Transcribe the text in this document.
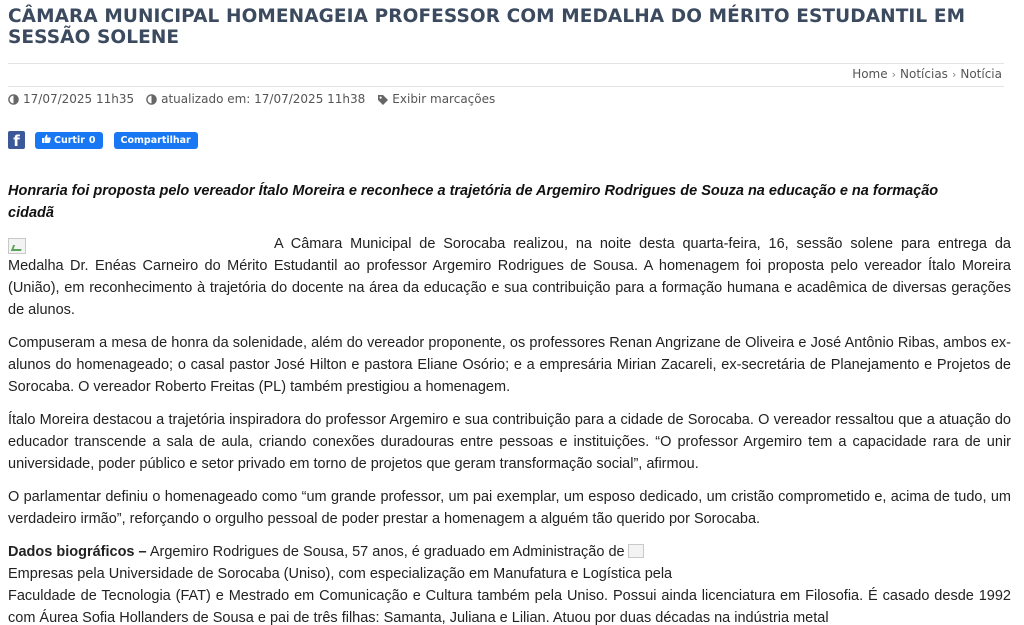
CÂMARA MUNICIPAL HOMENAGEIA PROFESSOR COM MEDALHA DO MÉRITO ESTUDANTIL EM SESSÃO SOLENE
Home › Notícias › Notícia
17/07/2025 11h35 atualizado em: 17/07/2025 11h38 Exibir marcações
f	Curtir 0	Compartilhar

Honraria foi proposta pelo vereador Ítalo Moreira e reconhece a trajetória de Argemiro Rodrigues de Souza na educação e na formação cidadã

A Câmara Municipal de Sorocaba realizou, na noite desta quarta-feira, 16, sessão solene para entrega da Medalha Dr. Enéas Carneiro do Mérito Estudantil ao professor Argemiro Rodrigues de Sousa. A homenagem foi proposta pelo vereador Ítalo Moreira (União), em reconhecimento à trajetória do docente na área da educação e sua contribuição para a formação humana e acadêmica de diversas gerações de alunos.

Compuseram a mesa de honra da solenidade, além do vereador proponente, os professores Renan Angrizane de Oliveira e José Antônio Ribas, ambos ex-alunos do homenageado; o casal pastor José Hilton e pastora Eliane Osório; e a empresária Mirian Zacareli, ex-secretária de Planejamento e Projetos de Sorocaba. O vereador Roberto Freitas (PL) também prestigiou a homenagem.

Ítalo Moreira destacou a trajetória inspiradora do professor Argemiro e sua contribuição para a cidade de Sorocaba. O vereador ressaltou que a atuação do educador transcende a sala de aula, criando conexões duradouras entre pessoas e instituições. “O professor Argemiro tem a capacidade rara de unir universidade, poder público e setor privado em torno de projetos que geram transformação social”, afirmou.

O parlamentar definiu o homenageado como “um grande professor, um pai exemplar, um esposo dedicado, um cristão comprometido e, acima de tudo, um verdadeiro irmão”, reforçando o orgulho pessoal de poder prestar a homenagem a alguém tão querido por Sorocaba.

Dados biográficos – Argemiro Rodrigues de Sousa, 57 anos, é graduado em Administração de
Empresas pela Universidade de Sorocaba (Uniso), com especialização em Manufatura e Logística pela
Faculdade de Tecnologia (FAT) e Mestrado em Comunicação e Cultura também pela Uniso. Possui ainda licenciatura em Filosofia. É casado desde 1992 com Áurea Sofia Hollanders de Sousa e pai de três filhas: Samanta, Juliana e Lilian. Atuou por duas décadas na indústria metal
